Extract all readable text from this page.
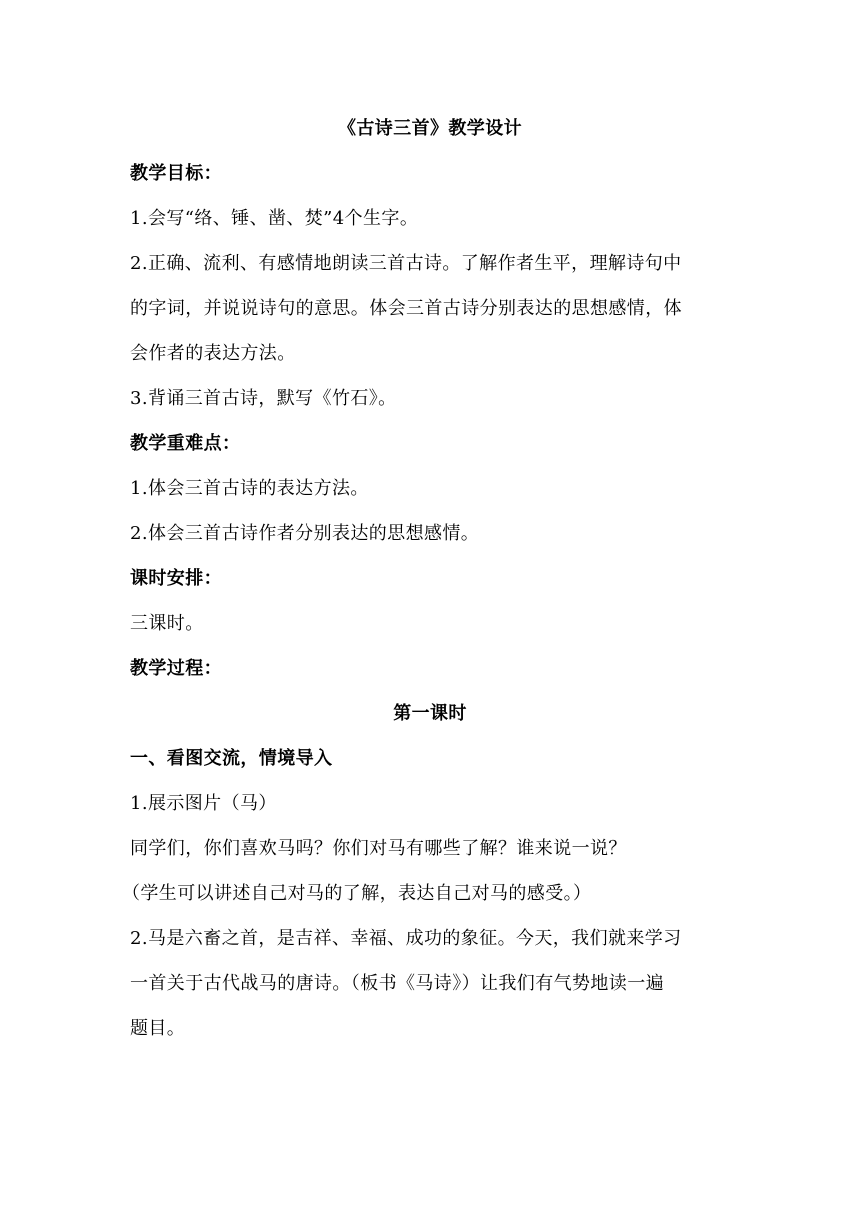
《古诗三首》教学设计
教学目标：
1.会写“络、锤、凿、焚”4个生字。
2.正确、流利、有感情地朗读三首古诗。了解作者生平，理解诗句中
的字词，并说说诗句的意思。体会三首古诗分别表达的思想感情，体
会作者的表达方法。
3.背诵三首古诗，默写《竹石》。
教学重难点：
1.体会三首古诗的表达方法。
2.体会三首古诗作者分别表达的思想感情。
课时安排：
三课时。
教学过程：
第一课时
一、看图交流，情境导入
1.展示图片（马）
同学们，你们喜欢马吗？你们对马有哪些了解？谁来说一说？
（学生可以讲述自己对马的了解，表达自己对马的感受。）
2.马是六畜之首，是吉祥、幸福、成功的象征。今天，我们就来学习
一首关于古代战马的唐诗。（板书《马诗》）让我们有气势地读一遍
题目。
